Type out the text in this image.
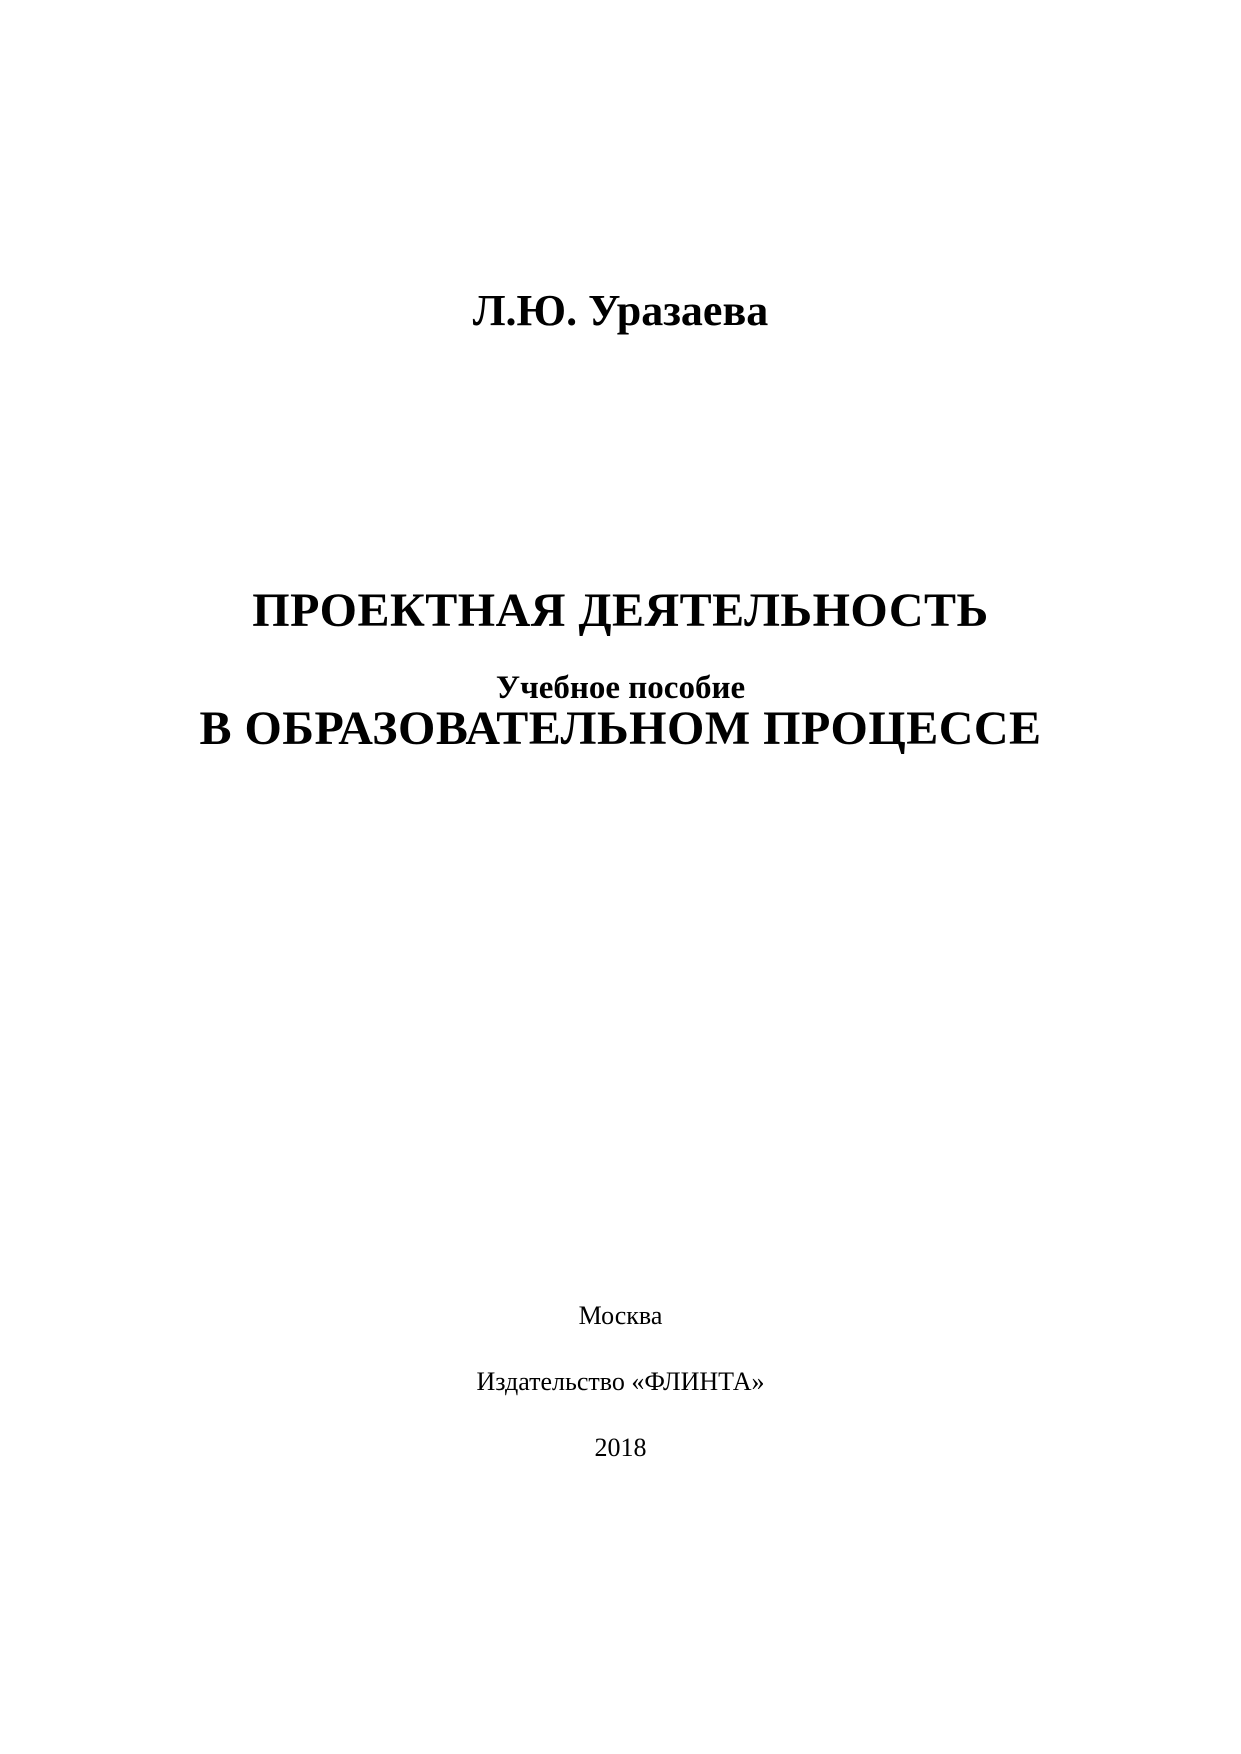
Л.Ю. Уразаева

ПРОЕКТНАЯ ДЕЯТЕЛЬНОСТЬ

В ОБРАЗОВАТЕЛЬНОМ ПРОЦЕССЕ

Учебное пособие

Москва

Издательство «ФЛИНТА»

2018
